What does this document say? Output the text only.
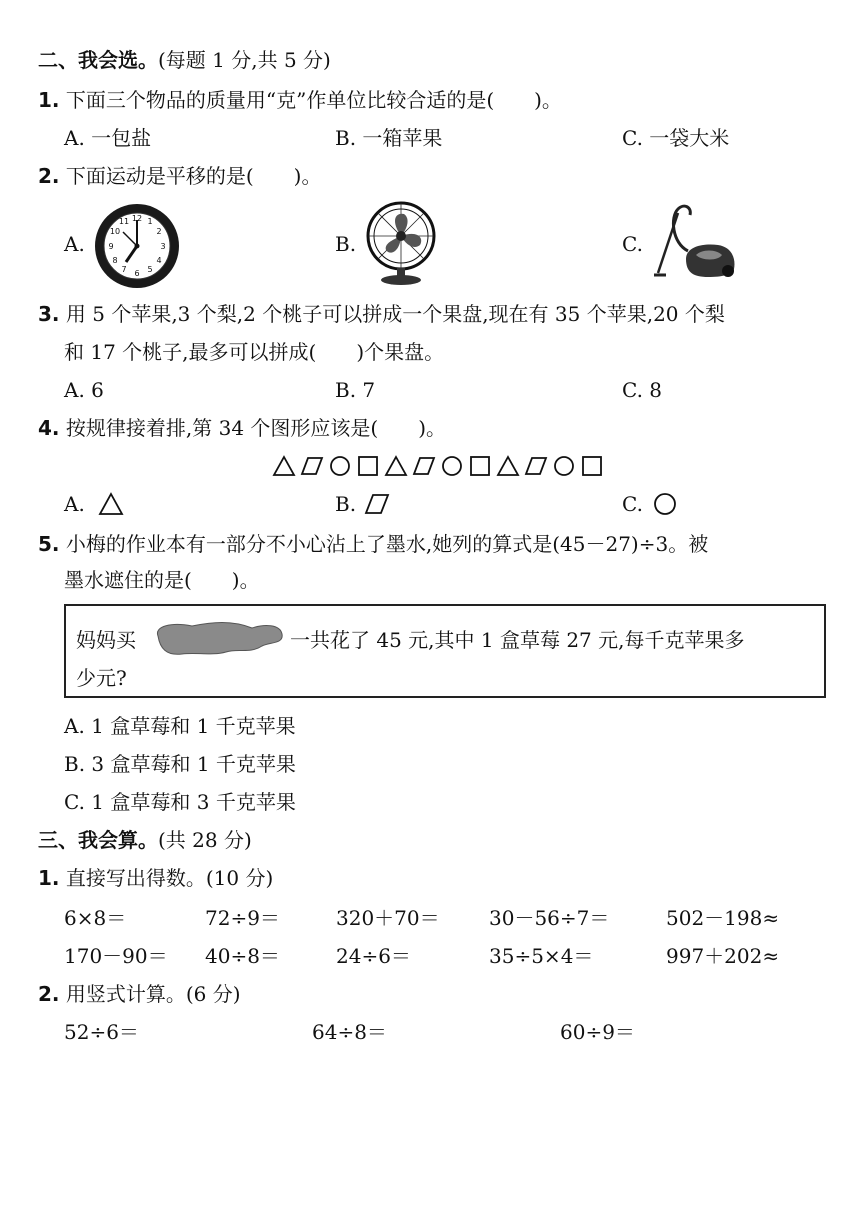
二、我会选。(每题 1 分,共 5 分)
1. 下面三个物品的质量用“克”作单位比较合适的是(　　)。
A. 一包盐	B. 一箱苹果	C. 一袋大米
2. 下面运动是平移的是(　　)。
A.
12 1
2
3
4
5
6
7
8
9
10
11
B.	C.
3. 用 5 个苹果,3 个梨,2 个桃子可以拼成一个果盘,现在有 35 个苹果,20 个梨
和 17 个桃子,最多可以拼成(　　)个果盘。
A. 6	B. 7	C. 8
4. 按规律接着排,第 34 个图形应该是(　　)。
A.	B.	C.
5. 小梅的作业本有一部分不小心沾上了墨水,她列的算式是(45－27)÷3。被
墨水遮住的是(　　)。
妈妈买	一共花了 45 元,其中 1 盒草莓 27 元,每千克苹果多
少元?
A. 1 盒草莓和 1 千克苹果
B. 3 盒草莓和 1 千克苹果
C. 1 盒草莓和 3 千克苹果
三、我会算。(共 28 分)
1. 直接写出得数。(10 分)
6×8＝	72÷9＝	320＋70＝ 30－56÷7＝	502－198≈
170－90＝ 40÷8＝	24÷6＝	35÷5×4＝	997＋202≈
2. 用竖式计算。(6 分)
52÷6＝	64÷8＝	60÷9＝
